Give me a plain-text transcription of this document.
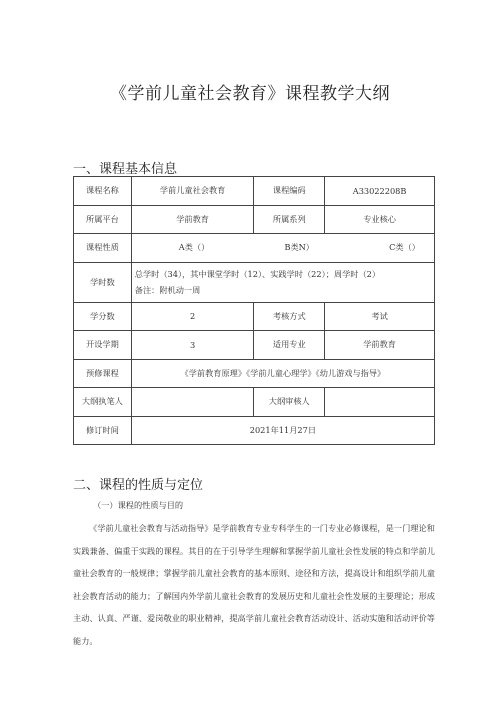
《学前儿童社会教育》课程教学大纲
一、课程基本信息
课程名称	学前儿童社会教育	课程编码	A33022208B
所属平台	学前教育	所属系列	专业核心
课程性质	A类（） B类N） C类（）		

学时数	总学时（34），其中课堂学时（12）、实践学时（22）；周学时（2）
备注：附机动一周		

学分数	2	考核方式	考试
开设学期	3	适用专业	学前教育
预修课程	《学前教育原理》《学前儿童心理学》《幼儿游戏与指导》		
大纲执笔人		大纲审核人	
修订时间	2021年11月27日		
二、课程的性质与定位
（一）课程的性质与目的
《学前儿童社会教育与活动指导》是学前教育专业专科学生的一门专业必修课程，是一门理论和实践兼备、偏重于实践的课程。其目的在于引导学生理解和掌握学前儿童社会性发展的特点和学前儿童社会教育的一般规律；掌握学前儿童社会教育的基本原则、途径和方法，提高设计和组织学前儿童社会教育活动的能力；了解国内外学前儿童社会教育的发展历史和儿童社会性发展的主要理论；形成主动、认真、严谨、爱岗敬业的职业精神，提高学前儿童社会教育活动设计、活动实施和活动评价等能力。
